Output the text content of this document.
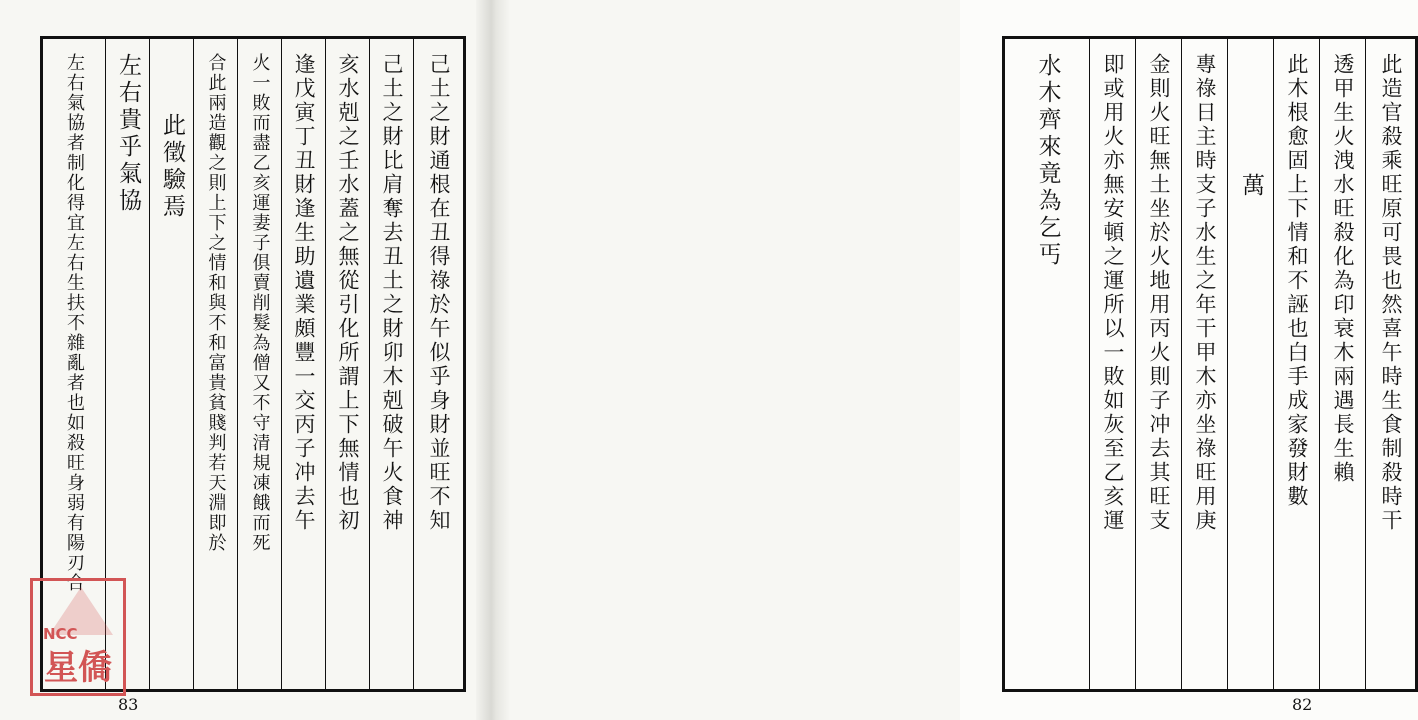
己土之財通根在丑得祿於午似乎身財並旺不知
己土之財比肩奪去丑土之財卯木剋破午火食神
亥水剋之壬水蓋之無從引化所謂上下無情也初
逢戊寅丁丑財逢生助遺業頗豐一交丙子冲去午
火一敗而盡乙亥運妻子俱賣削髮為僧又不守清規凍餓而死
合此兩造觀之則上下之情和與不和富貴貧賤判若天淵即於
此徵驗焉
左右貴乎氣協
左右氣協者制化得宜左右生扶不雜亂者也如殺旺身弱有陽刃合
83
NCC
星僑
此造官殺乘旺原可畏也然喜午時生食制殺時干
透甲生火洩水旺殺化為印衰木兩遇長生賴
此木根愈固上下情和不誣也白手成家發財數
萬
專祿日主時支子水生之年干甲木亦坐祿旺用庚
金則火旺無土坐於火地用丙火則子冲去其旺支
即或用火亦無安頓之運所以一敗如灰至乙亥運
水木齊來竟為乞丐
82
